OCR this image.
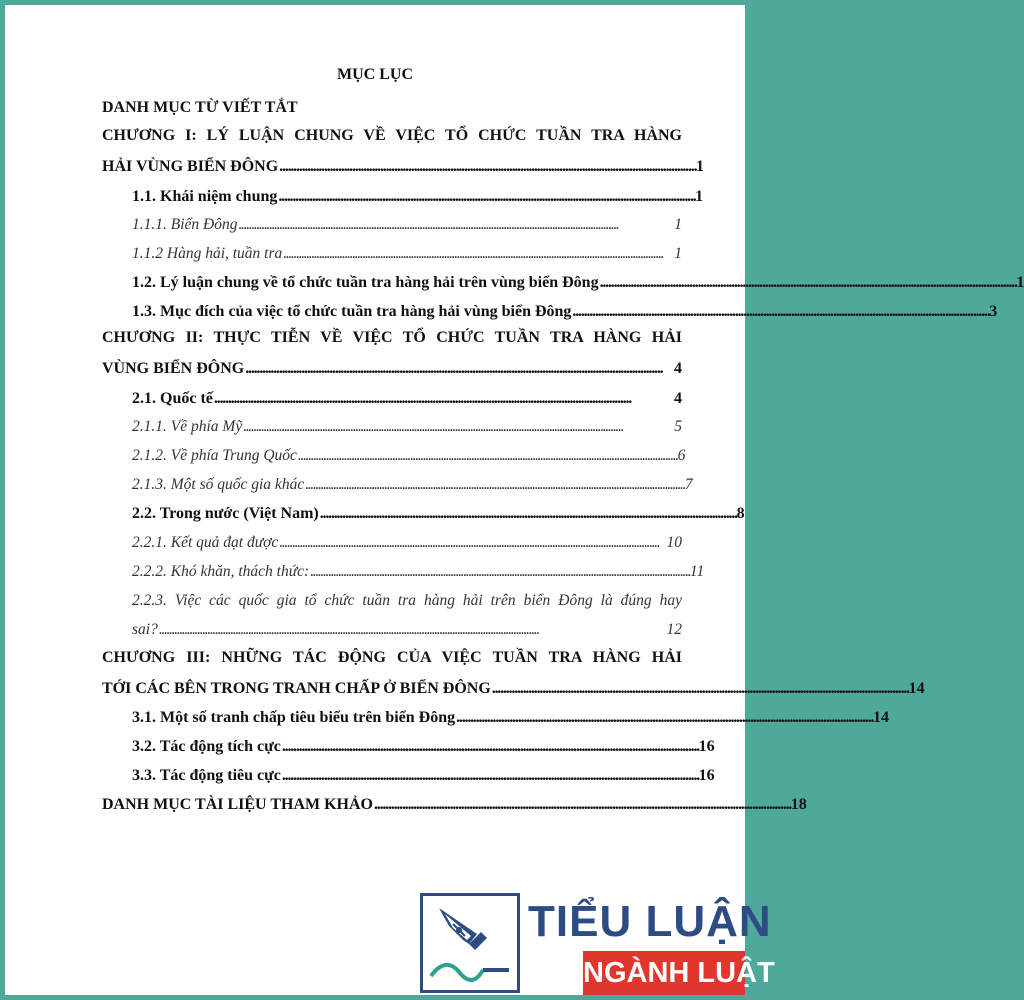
MỤC LỤC
DANH MỤC TỪ VIẾT TẮT
CHƯƠNG I: LÝ LUẬN CHUNG VỀ VIỆC TỔ CHỨC TUẦN TRA HÀNG
HẢI VÙNG BIỂN ĐÔNG . . .	1
1.1. Khái niệm chung . . .	1
1.1.1. Biển Đông . . .	1
1.1.2 Hàng hải, tuần tra . . .	1
1.2. Lý luận chung về tổ chức tuần tra hàng hải trên vùng biển Đông . . .	1
1.3. Mục đích của việc tổ chức tuần tra hàng hải vùng biển Đông . . .	3
CHƯƠNG II: THỰC TIỄN VỀ VIỆC TỔ CHỨC TUẦN TRA HÀNG HẢI
VÙNG BIỂN ĐÔNG . . .	4
2.1. Quốc tế . . .	4
2.1.1. Về phía Mỹ . . .	5
2.1.2. Về phía Trung Quốc . . .	6
2.1.3. Một số quốc gia khác . . .	7
2.2. Trong nước (Việt Nam) . . .	8
2.2.1. Kết quả đạt được . . .	10
2.2.2. Khó khăn, thách thức: . . .	11
2.2.3. Việc các quốc gia tổ chức tuần tra hàng hải trên biển Đông là đúng hay
sai? . . .	12
CHƯƠNG III: NHỮNG TÁC ĐỘNG CỦA VIỆC TUẦN TRA HÀNG HẢI
TỚI CÁC BÊN TRONG TRANH CHẤP Ở BIỂN ĐÔNG . . .	14
3.1. Một số tranh chấp tiêu biểu trên biển Đông . . .	14
3.2. Tác động tích cực . . .	16
3.3. Tác động tiêu cực . . .	16
DANH MỤC TÀI LIỆU THAM KHẢO . . .	18
TIỂU LUẬN
NGÀNH LUẬT
